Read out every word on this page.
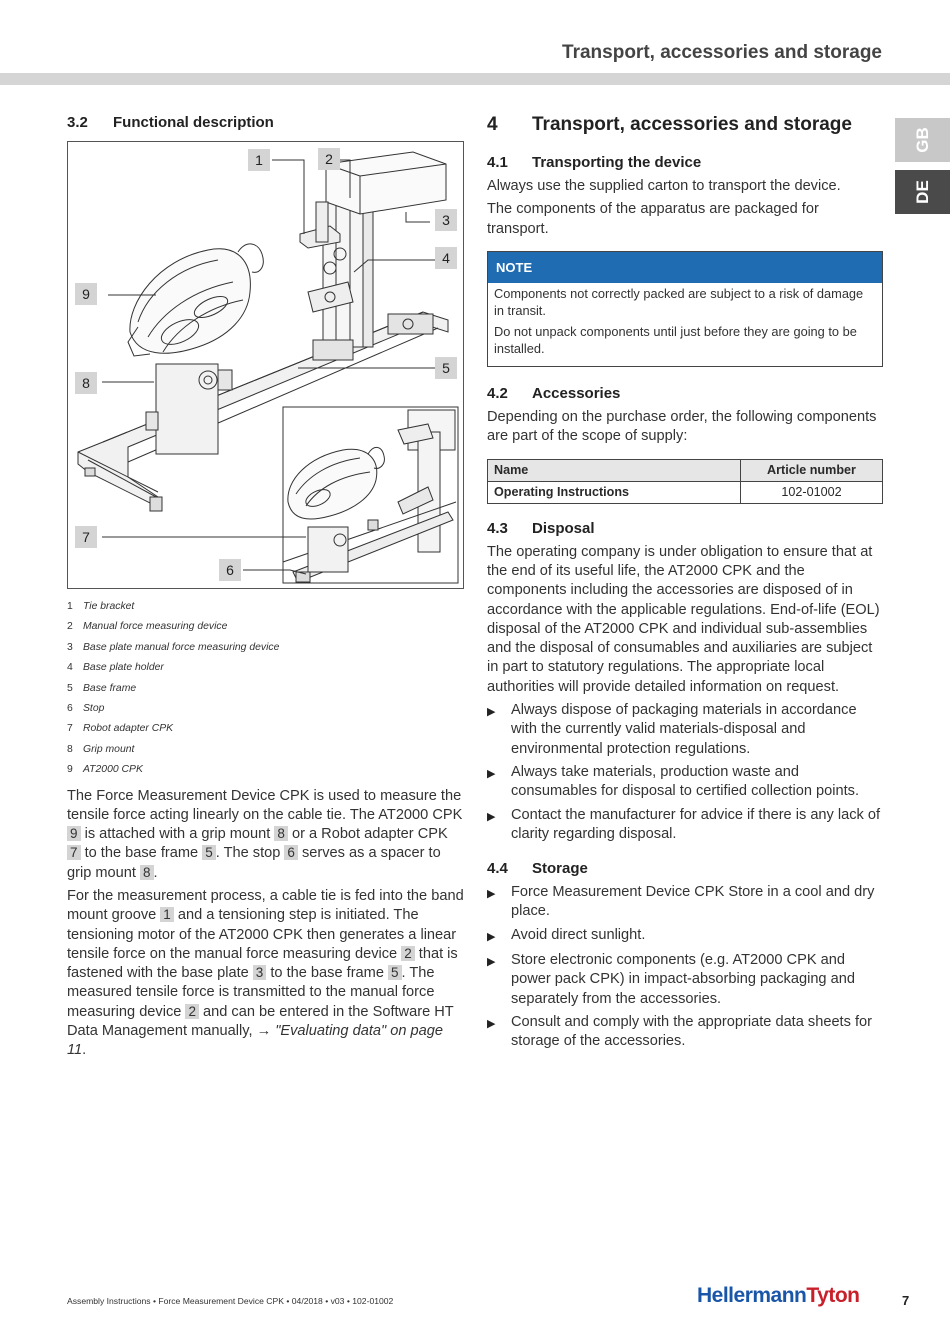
Transport, accessories and storage
GB
DE
3.2	Functional description
1	2
3
4
5
6
7
8
9
1 Tie bracket
2 Manual force measuring device
3 Base plate manual force measuring device
4 Base plate holder
5 Base frame
6 Stop
7 Robot adapter CPK
8 Grip mount
9 AT2000 CPK

The Force Measurement Device CPK is used to measure the tensile force acting linearly on the cable tie. The AT2000 CPK 9 is attached with a grip mount 8 or a Robot adapter CPK 7 to the base frame 5 . The stop 6 serves as a spacer to grip mount 8 .

For the measurement process, a cable tie is fed into the band mount groove 1 and a tensioning step is initiated. The tensioning motor of the AT2000 CPK then generates a linear tensile force on the manual force measuring device 2 that is fastened with the base plate 3 to the base frame 5 . The measured tensile force is transmitted to the manual force measuring device 2 and can be entered in the Software HT Data Management manually, → "Evaluating data" on page 11.

4	Transport, accessories and storage
4.1	Transporting the device

Always use the supplied carton to transport the device.

The components of the apparatus are packaged for transport.

NOTE

Components not correctly packed are subject to a risk of damage in transit.

Do not unpack components until just before they are going to be installed.

4.2	Accessories

Depending on the purchase order, the following components are part of the scope of supply:

Name	Article number
Operating Instructions	102-01002
4.3	Disposal

The operating company is under obligation to ensure that at the end of its useful life, the AT2000 CPK and the components including the accessories are disposed of in accordance with the applicable regulations. End-of-life (EOL) disposal of the AT2000 CPK and individual sub-assemblies and the disposal of consumables and auxiliaries are subject in part to statutory regulations. The appropriate local authorities will provide detailed information on request.

▶	Always dispose of packaging materials in accordance with the currently valid materials-disposal and environmental protection regulations.
▶	Always take materials, production waste and consumables for disposal to certified collection points.
▶	Contact the manufacturer for advice if there is any lack of clarity regarding disposal.
4.4	Storage
▶	Force Measurement Device CPK Store in a cool and dry place.
▶	Avoid direct sunlight.
▶	Store electronic components (e.g. AT2000 CPK and power pack CPK) in impact-absorbing packaging and separately from the accessories.
▶	Consult and comply with the appropriate data sheets for storage of the accessories.
Assembly Instructions • Force Measurement Device CPK • 04/2018 • v03 • 102-01002	HellermannTyton	7
